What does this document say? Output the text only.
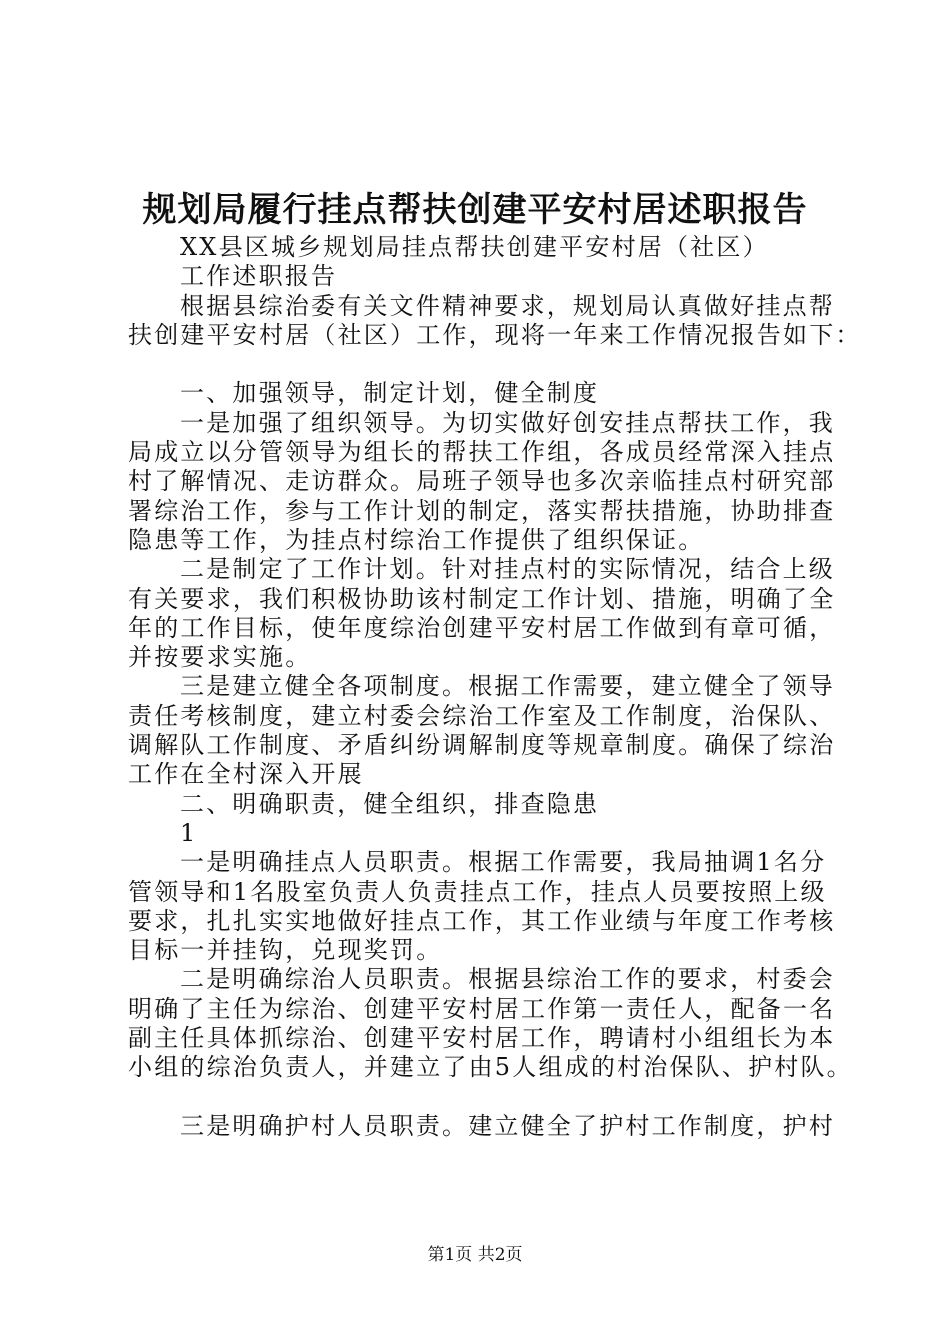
规划局履行挂点帮扶创建平安村居述职报告
XX县区城乡规划局挂点帮扶创建平安村居（社区）
工作述职报告
根据县综治委有关文件精神要求，规划局认真做好挂点帮
扶创建平安村居（社区）工作，现将一年来工作情况报告如下：
一、加强领导，制定计划，健全制度
一是加强了组织领导。为切实做好创安挂点帮扶工作，我
局成立以分管领导为组长的帮扶工作组，各成员经常深入挂点
村了解情况、走访群众。局班子领导也多次亲临挂点村研究部
署综治工作，参与工作计划的制定，落实帮扶措施，协助排查
隐患等工作，为挂点村综治工作提供了组织保证。
二是制定了工作计划。针对挂点村的实际情况，结合上级
有关要求，我们积极协助该村制定工作计划、措施，明确了全
年的工作目标，使年度综治创建平安村居工作做到有章可循，
并按要求实施。
三是建立健全各项制度。根据工作需要，建立健全了领导
责任考核制度，建立村委会综治工作室及工作制度，治保队、
调解队工作制度、矛盾纠纷调解制度等规章制度。确保了综治
工作在全村深入开展
二、明确职责，健全组织，排查隐患
1
一是明确挂点人员职责。根据工作需要，我局抽调1名分
管领导和1名股室负责人负责挂点工作，挂点人员要按照上级
要求，扎扎实实地做好挂点工作，其工作业绩与年度工作考核
目标一并挂钩，兑现奖罚。
二是明确综治人员职责。根据县综治工作的要求，村委会
明确了主任为综治、创建平安村居工作第一责任人，配备一名
副主任具体抓综治、创建平安村居工作，聘请村小组组长为本
小组的综治负责人，并建立了由5人组成的村治保队、护村队。
三是明确护村人员职责。建立健全了护村工作制度，护村
第1页 共2页
